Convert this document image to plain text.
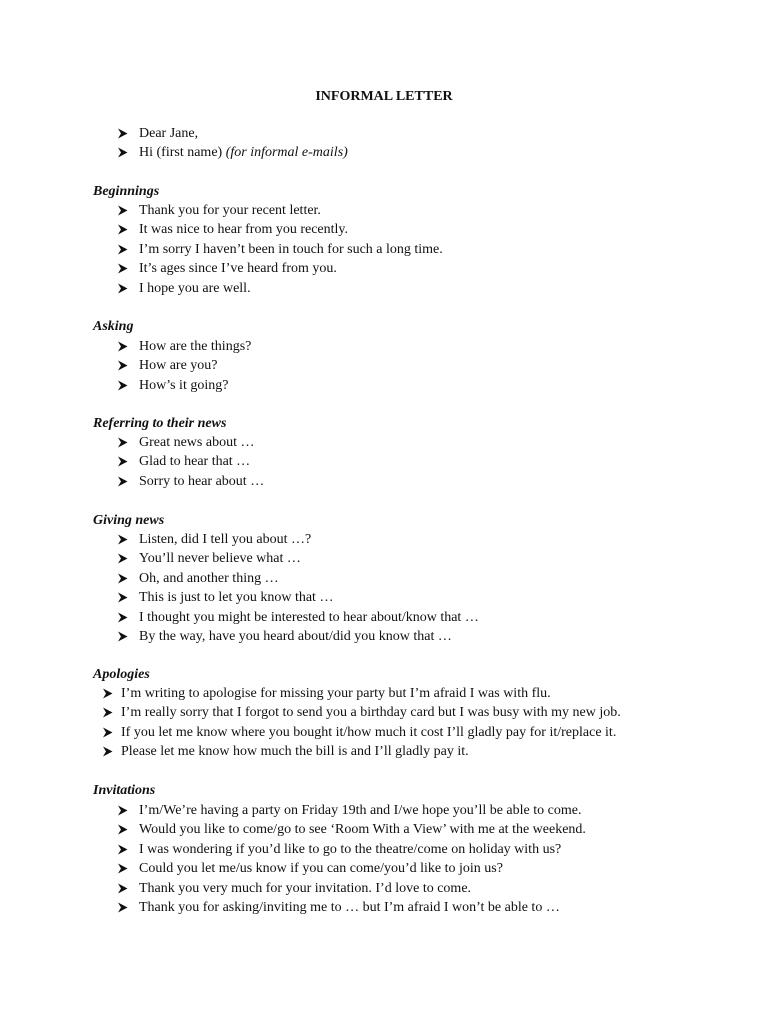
INFORMAL LETTER
Dear Jane,
Hi (first name) (for informal e-mails)
Beginnings
Thank you for your recent letter.
It was nice to hear from you recently.
I’m sorry I haven’t been in touch for such a long time.
It’s ages since I’ve heard from you.
I hope you are well.
Asking
How are the things?
How are you?
How’s it going?
Referring to their news
Great news about …
Glad to hear that …
Sorry to hear about …
Giving news
Listen, did I tell you about …?
You’ll never believe what …
Oh, and another thing …
This is just to let you know that …
I thought you might be interested to hear about/know that …
By the way, have you heard about/did you know that …
Apologies
I’m writing to apologise for missing your party but I’m afraid I was with flu.
I’m really sorry that I forgot to send you a birthday card but I was busy with my new job.
If you let me know where you bought it/how much it cost I’ll gladly pay for it/replace it.
Please let me know how much the bill is and I’ll gladly pay it.
Invitations
I’m/We’re having a party on Friday 19th and I/we hope you’ll be able to come.
Would you like to come/go to see ‘Room With a View’ with me at the weekend.
I was wondering if you’d like to go to the theatre/come on holiday with us?
Could you let me/us know if you can come/you’d like to join us?
Thank you very much for your invitation. I’d love to come.
Thank you for asking/inviting me to … but I’m afraid I won’t be able to …
